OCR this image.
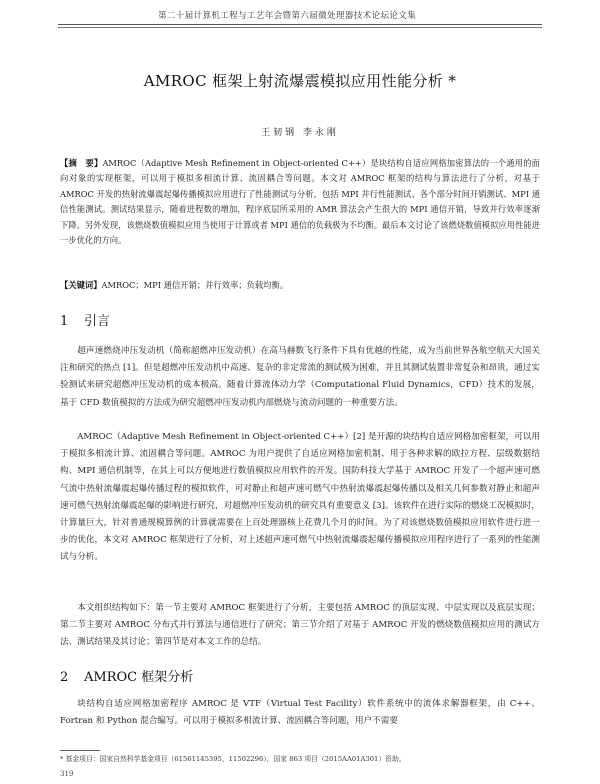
第二十届计算机工程与工艺年会暨第六届微处理器技术论坛论文集
AMROC 框架上射流爆震模拟应用性能分析 *
王韧钢 李永刚
【摘　要】AMROC（Adaptive Mesh Refinement in Object-oriented C++）是块结构自适应网格加密算法的一个通用的面向对象的实现框架，可以用于模拟多相流计算、流固耦合等问题。本文对 AMROC 框架的结构与算法进行了分析，对基于 AMROC 开发的热射流爆震起爆传播模拟应用进行了性能测试与分析，包括 MPI 并行性能测试、各个部分时间开销测试、MPI 通信性能测试。测试结果显示，随着进程数的增加，程序底层所采用的 AMR 算法会产生很大的 MPI 通信开销，导致并行效率逐渐下降。另外发现，该燃烧数值模拟应用当使用于计算或者 MPI 通信的负载极为不均衡。最后本文讨论了该燃烧数值模拟应用性能进一步优化的方向。
【关键词】AMROC；MPI 通信开销；并行效率；负载均衡。
1 引言

超声速燃烧冲压发动机（简称超燃冲压发动机）在高马赫数飞行条件下具有优越的性能，成为当前世界各航空航天大国关注和研究的热点 [1]。但是超燃冲压发动机中高速、复杂的非定常流的测试极为困难，并且其测试装置非常复杂和昂贵，通过实验测试来研究超燃冲压发动机的成本极高。随着计算流体动力学（Computational Fluid Dynamics，CFD）技术的发展，基于 CFD 数值模拟的方法成为研究超燃冲压发动机内部燃烧与流动问题的一种重要方法。

AMROC（Adaptive Mesh Refinement in Object-oriented C++）[2] 是开源的块结构自适应网格加密框架，可以用于模拟多相流计算、流固耦合等问题。AMROC 为用户提供了自适应网格加密机制、用于各种求解的欧拉方程、层级数据结构、MPI 通信机制等，在其上可以方便地进行数值模拟应用软件的开发。国防科技大学基于 AMROC 开发了一个超声速可燃气流中热射流爆震起爆传播过程的模拟软件，可对静止和超声速可燃气中热射流爆震起爆传播以及相关几何参数对静止和超声速可燃气热射流爆震起爆的影响进行研究，对超燃冲压发动机的研究具有重要意义 [3]。该软件在进行实际的燃烧工况模拟时，计算量巨大，针对普通规模算例的计算就需要在上百处理器核上花费几个月的时间。为了对该燃烧数值模拟应用软件进行进一步的优化，本文对 AMROC 框架进行了分析，对上述超声速可燃气中热射流爆震起爆传播模拟应用程序进行了一系列的性能测试与分析。

本文组织结构如下：第一节主要对 AMROC 框架进行了分析，主要包括 AMROC 的顶层实现、中层实现以及底层实现；第二节主要对 AMROC 分布式并行算法与通信进行了研究；第三节介绍了对基于 AMROC 开发的燃烧数值模拟应用的测试方法、测试结果及其讨论；第四节是对本文工作的总结。

2 AMROC 框架分析

块结构自适应网格加密程序 AMROC 是 VTF（Virtual Test Facility）软件系统中的流体求解器框架，由 C++、Fortran 和 Python 混合编写。可以用于模拟多相流计算、流固耦合等问题，用户不需要

* 基金项目：国家自然科学基金项目（61561145395，11502296），国家 863 项目（2015AA01A301）资助。
319
